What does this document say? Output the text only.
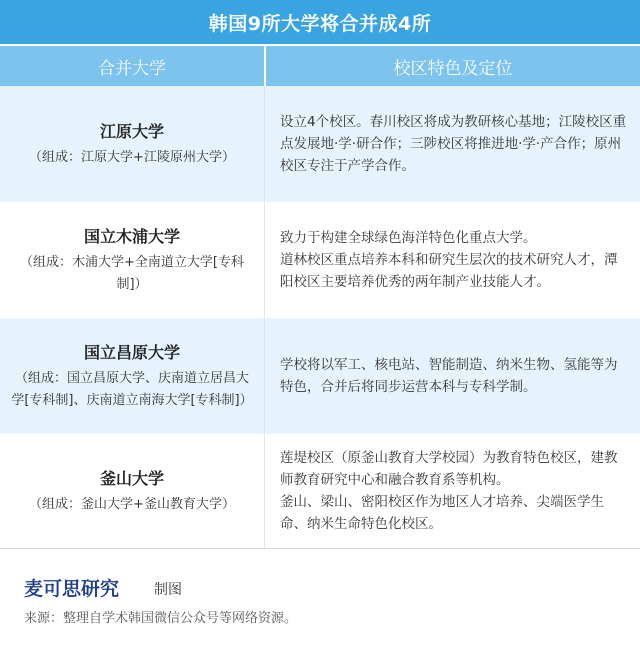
韩国9所大学将合并成4所
合并大学	校区特色及定位
江原大学
（组成：江原大学+江陵原州大学）
设立4个校区。春川校区将成为教研核心基地；江陵校区重点发展地·学·研合作；三陟校区将推进地·学·产合作；原州校区专注于产学合作。
国立木浦大学
（组成：木浦大学+全南道立大学[专科制]）
致力于构建全球绿色海洋特色化重点大学。
道林校区重点培养本科和研究生层次的技术研究人才，潭阳校区主要培养优秀的两年制产业技能人才。
国立昌原大学
（组成：国立昌原大学、庆南道立居昌大学[专科制]、庆南道立南海大学[专科制]）
学校将以军工、核电站、智能制造、纳米生物、氢能等为特色，合并后将同步运营本科与专科学制。
釜山大学
（组成：釜山大学+釜山教育大学）
莲堤校区（原釜山教育大学校园）为教育特色校区，建教师教育研究中心和融合教育系等机构。
釜山、梁山、密阳校区作为地区人才培养、尖端医学生命、纳米生命特色化校区。
麦可思研究 制图
来源：整理自学术韩国微信公众号等网络资源。
